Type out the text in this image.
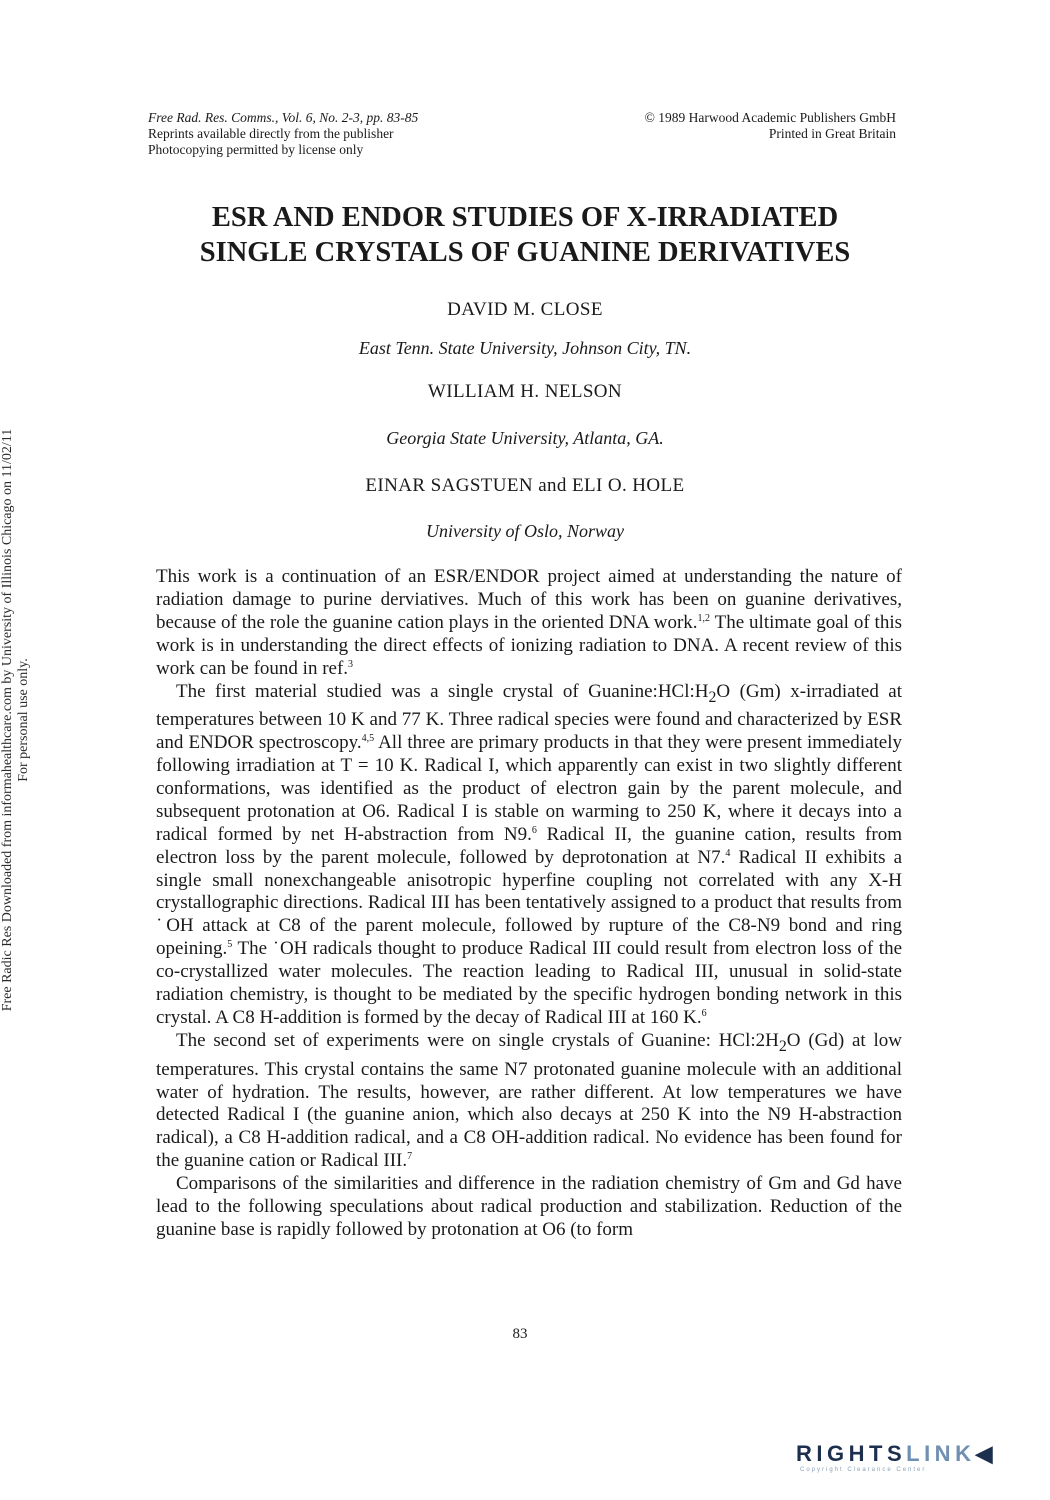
Free Rad. Res. Comms., Vol. 6, No. 2-3, pp. 83-85
Reprints available directly from the publisher
Photocopying permitted by license only
© 1989 Harwood Academic Publishers GmbH
Printed in Great Britain
ESR AND ENDOR STUDIES OF X-IRRADIATED
SINGLE CRYSTALS OF GUANINE DERIVATIVES
DAVID M. CLOSE
East Tenn. State University, Johnson City, TN.
WILLIAM H. NELSON
Georgia State University, Atlanta, GA.
EINAR SAGSTUEN and ELI O. HOLE
University of Oslo, Norway

This work is a continuation of an ESR/ENDOR project aimed at understanding the nature of radiation damage to purine derviatives. Much of this work has been on guanine derivatives, because of the role the guanine cation plays in the oriented DNA work.$^{1,2}$ The ultimate goal of this work is in understanding the direct effects of ionizing radiation to DNA. A recent review of this work can be found in ref.$^3$

The first material studied was a single crystal of $Guanine:HCl:H_2O$ (Gm) x-irradiated at temperatures between 10 K and 77 K. Three radical species were found and characterized by ESR and ENDOR spectroscopy.$^{4,5}$ All three are primary products in that they were present immediately following irradiation at T = 10 K. Radical I, which apparently can exist in two slightly different conformations, was identified as the product of electron gain by the parent molecule, and subsequent protonation at O6. Radical I is stable on warming to 250 K, where it decays into a radical formed by net H-abstraction from N9.$^6$ Radical II, the guanine cation, results from electron loss by the parent molecule, followed by deprotonation at N7.$^4$ Radical II exhibits a single small nonexchangeable anisotropic hyperfine coupling not correlated with any X-H crystallographic directions. Radical III has been tentatively assigned to a product that results from ˙OH attack at C8 of the parent molecule, followed by rupture of the C8-N9 bond and ring opeining.$^5$ The ˙OH radicals thought to produce Radical III could result from electron loss of the co-crystallized water molecules. The reaction leading to Radical III, unusual in solid-state radiation chemistry, is thought to be mediated by the specific hydrogen bonding network in this crystal. A C8 H-addition is formed by the decay of Radical III at 160 K.$^6$

The second set of experiments were on single crystals of Guanine: $HCl:2H_2O$ (Gd) at low temperatures. This crystal contains the same N7 protonated guanine molecule with an additional water of hydration. The results, however, are rather different. At low temperatures we have detected Radical I (the guanine anion, which also decays at 250 K into the N9 H-abstraction radical), a C8 H-addition radical, and a C8 OH-addition radical. No evidence has been found for the guanine cation or Radical III.$^7$

Comparisons of the similarities and difference in the radiation chemistry of Gm and Gd have lead to the following speculations about radical production and stabilization. Reduction of the guanine base is rapidly followed by protonation at O6 (to form

83
Free Radic Res Downloaded from informahealthcare.com by University of Illinois Chicago on 11/02/11 For personal use only.
RIGHTSLINK◀
Copyright Clearance Center
